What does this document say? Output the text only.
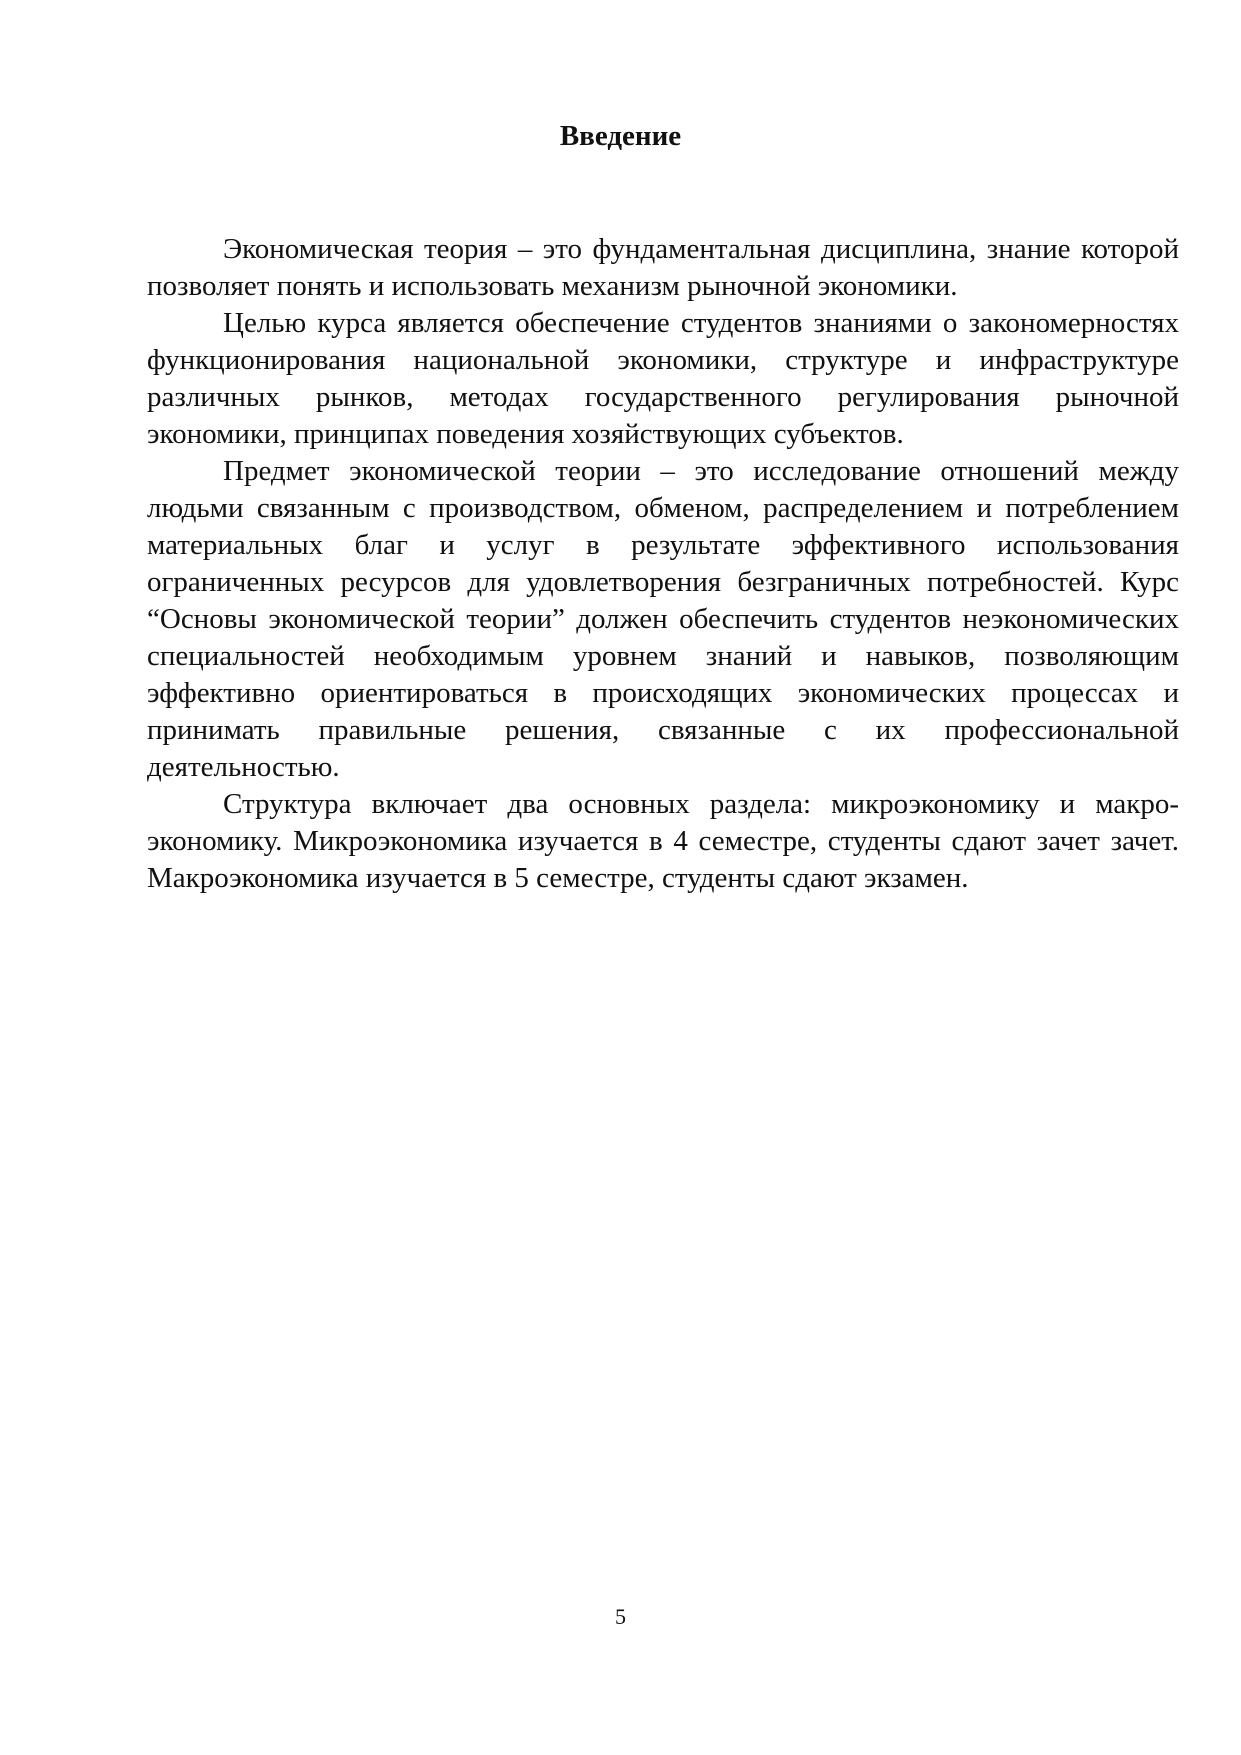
Введение

Экономическая теория – это фундаментальная дисциплина, знание которой позволяет понять и использовать механизм рыночной экономики.

Целью курса является обеспечение студентов знаниями о закономерностях функционирования национальной экономики, структуре и инфраструктуре различных рынков, методах государственного регулирования рыночной экономики, принципах поведения хозяйствующих субъектов.

Предмет экономической теории – это исследование отношений между людьми связанным с производством, обменом, распределением и потреблением материальных благ и услуг в результате эффективного использования ограниченных ресурсов для удовлетворения безграничных потребностей. Курс “Основы экономической теории” должен обеспечить студентов неэкономических специальностей необходимым уровнем знаний и навыков, позволяющим эффективно ориентироваться в происходящих экономических процессах и принимать правильные решения, связанные с их профессиональной деятельностью.

Структура включает два основных раздела: микроэкономику и макроэкономику. Микроэкономика изучается в 4 семестре, студенты сдают зачет зачет. Макроэкономика изучается в 5 семестре, студенты сдают экзамен.

5
